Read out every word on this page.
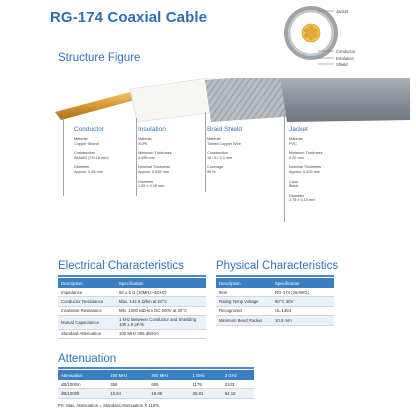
RG-174 Coaxial Cable	Jacket
Conductor
Insulation
Shield
Structure Figure
Conductor
Material
Copper Strand
Construction
26AWG (7/0.16 mm)
Diameter
Approx. 0.48 mm
Insulation
Material
XLPE
Minimum Thickness
0.455 mm
Nominal Thickness
Approx. 0.535 mm
Diameter
1.55 ± 0.05 mm
Braid Shield
Material
Tinned Copper Wire
Construction
16 / 5 / 0.1 mm
Coverage
95 %
Jacket
Material
PVC
Minimum Thickness
0.22 mm
Nominal Thickness
Approx. 0.325 mm
Color
Black
Diameter
2.75 ± 0.10 mm
Electrical Characteristics
Description	Specification
Impedance	50 ± 5 Ω (10MHz~3GHz)
Conductor Resistance	Max. 142.6 Ω/km at 20°C
Insulation Resistance	Min. 1000 MΩ-km DC 500V at 20°C
Mutual Capacitance	1 kHz Between Conductor and Shielding 100 ± 8 pF/m
Standard Attenuation	100 MHz 359 dB/Km
Physical Characteristics
Description	Specification
Item	RG-174 (26AWG)
Rating Temp Voltage	80°C 30V
Recognized	UL 1354
Minimum Bend Radius	10.5 mm
Attenuation
Attenuation	100 MHz	400 MHz	1 GHz	3 GHz
dB/1000m	359	655	1175	2103
dB/1000ft	10.94	19.96	35.81	64.10
PS: Max. Attenuation = Standard Attenuation X 115%
